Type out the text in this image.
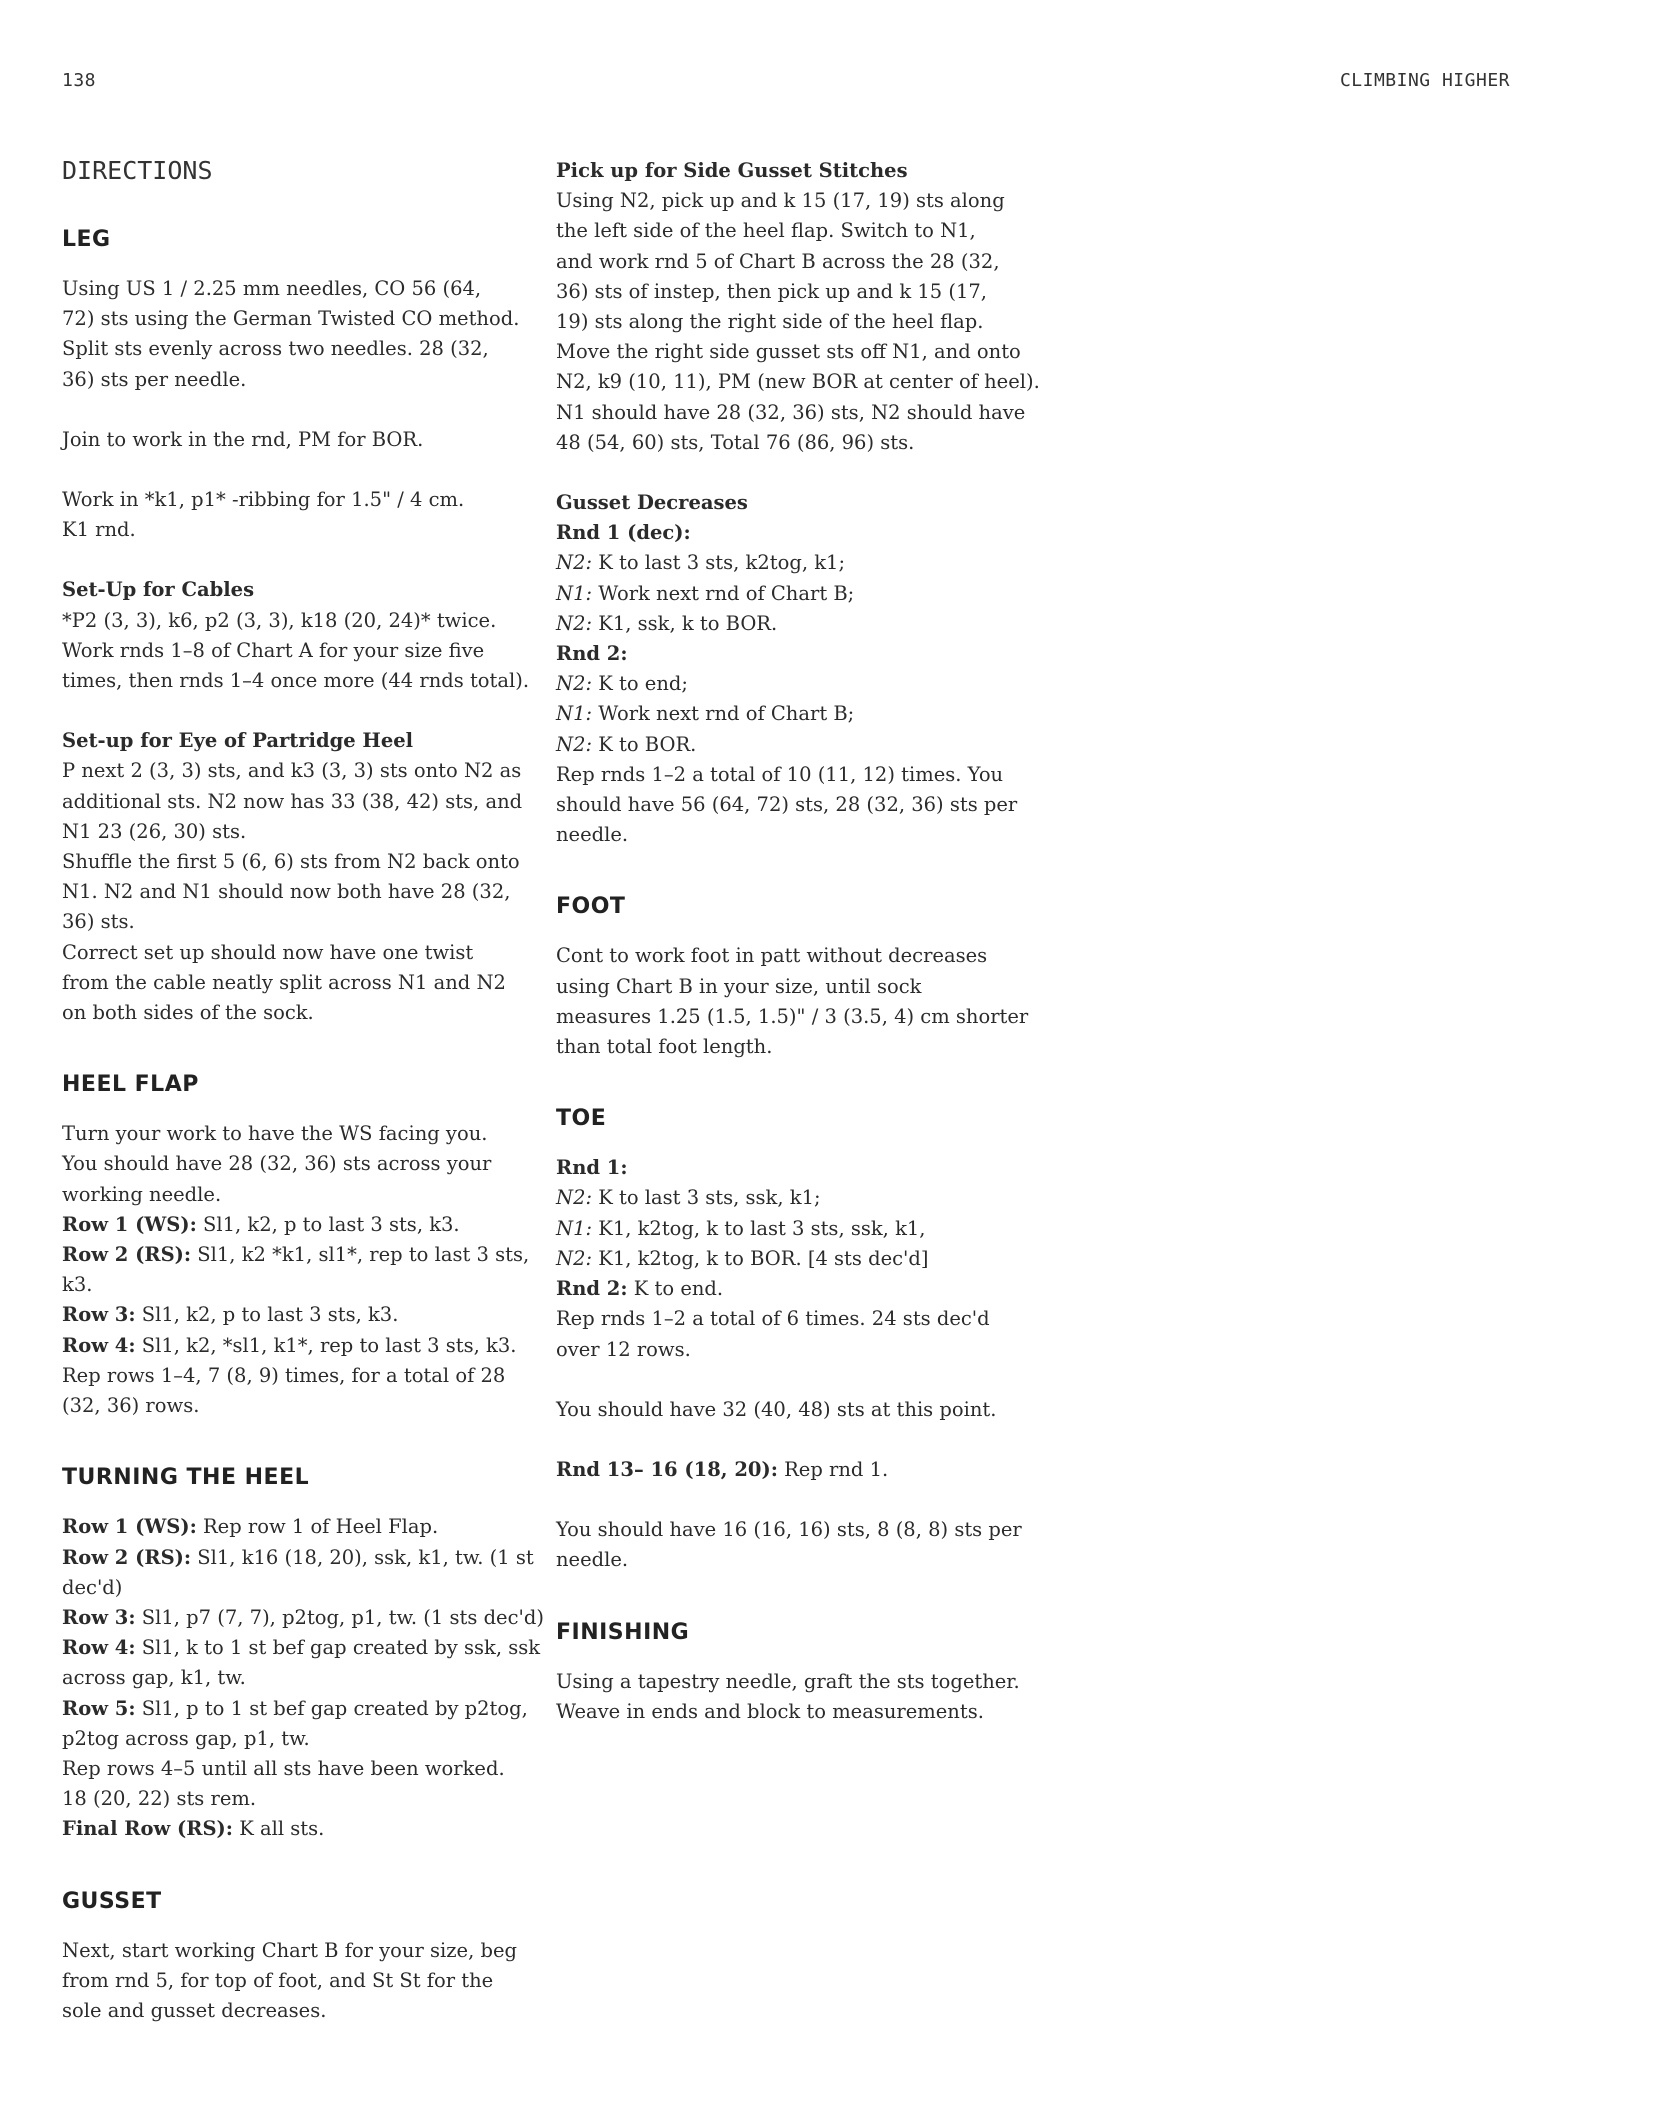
138	CLIMBING HIGHER
DIRECTIONS
LEG
Using US 1 / 2.25 mm needles, CO 56 (64,
72) sts using the German Twisted CO method.
Split sts evenly across two needles. 28 (32,
36) sts per needle.
Join to work in the rnd, PM for BOR.
Work in *k1, p1* -ribbing for 1.5" / 4 cm.
K1 rnd.
Set-Up for Cables
*P2 (3, 3), k6, p2 (3, 3), k18 (20, 24)* twice.
Work rnds 1–8 of Chart A for your size five
times, then rnds 1–4 once more (44 rnds total).
Set-up for Eye of Partridge Heel
P next 2 (3, 3) sts, and k3 (3, 3) sts onto N2 as
additional sts. N2 now has 33 (38, 42) sts, and
N1 23 (26, 30) sts.
Shuffle the first 5 (6, 6) sts from N2 back onto
N1. N2 and N1 should now both have 28 (32,
36) sts.
Correct set up should now have one twist
from the cable neatly split across N1 and N2
on both sides of the sock.
HEEL FLAP
Turn your work to have the WS facing you.
You should have 28 (32, 36) sts across your
working needle.
Row 1 (WS): Sl1, k2, p to last 3 sts, k3.
Row 2 (RS): Sl1, k2 *k1, sl1*, rep to last 3 sts,
k3.
Row 3: Sl1, k2, p to last 3 sts, k3.
Row 4: Sl1, k2, *sl1, k1*, rep to last 3 sts, k3.
Rep rows 1–4, 7 (8, 9) times, for a total of 28
(32, 36) rows.
TURNING THE HEEL
Row 1 (WS): Rep row 1 of Heel Flap.
Row 2 (RS): Sl1, k16 (18, 20), ssk, k1, tw. (1 st
dec'd)
Row 3: Sl1, p7 (7, 7), p2tog, p1, tw. (1 sts dec'd)
Row 4: Sl1, k to 1 st bef gap created by ssk, ssk
across gap, k1, tw.
Row 5: Sl1, p to 1 st bef gap created by p2tog,
p2tog across gap, p1, tw.
Rep rows 4–5 until all sts have been worked.
18 (20, 22) sts rem.
Final Row (RS): K all sts.
GUSSET
Next, start working Chart B for your size, beg
from rnd 5, for top of foot, and St St for the
sole and gusset decreases.
Pick up for Side Gusset Stitches
Using N2, pick up and k 15 (17, 19) sts along
the left side of the heel flap. Switch to N1,
and work rnd 5 of Chart B across the 28 (32,
36) sts of instep, then pick up and k 15 (17,
19) sts along the right side of the heel flap.
Move the right side gusset sts off N1, and onto
N2, k9 (10, 11), PM (new BOR at center of heel).
N1 should have 28 (32, 36) sts, N2 should have
48 (54, 60) sts, Total 76 (86, 96) sts.
Gusset Decreases
Rnd 1 (dec):
N2: K to last 3 sts, k2tog, k1;
N1: Work next rnd of Chart B;
N2: K1, ssk, k to BOR.
Rnd 2:
N2: K to end;
N1: Work next rnd of Chart B;
N2: K to BOR.
Rep rnds 1–2 a total of 10 (11, 12) times. You
should have 56 (64, 72) sts, 28 (32, 36) sts per
needle.
FOOT
Cont to work foot in patt without decreases
using Chart B in your size, until sock
measures 1.25 (1.5, 1.5)" / 3 (3.5, 4) cm shorter
than total foot length.
TOE
Rnd 1:
N2: K to last 3 sts, ssk, k1;
N1: K1, k2tog, k to last 3 sts, ssk, k1,
N2: K1, k2tog, k to BOR. [4 sts dec'd]
Rnd 2: K to end.
Rep rnds 1–2 a total of 6 times. 24 sts dec'd
over 12 rows.
You should have 32 (40, 48) sts at this point.
Rnd 13– 16 (18, 20): Rep rnd 1.
You should have 16 (16, 16) sts, 8 (8, 8) sts per
needle.
FINISHING
Using a tapestry needle, graft the sts together.
Weave in ends and block to measurements.
